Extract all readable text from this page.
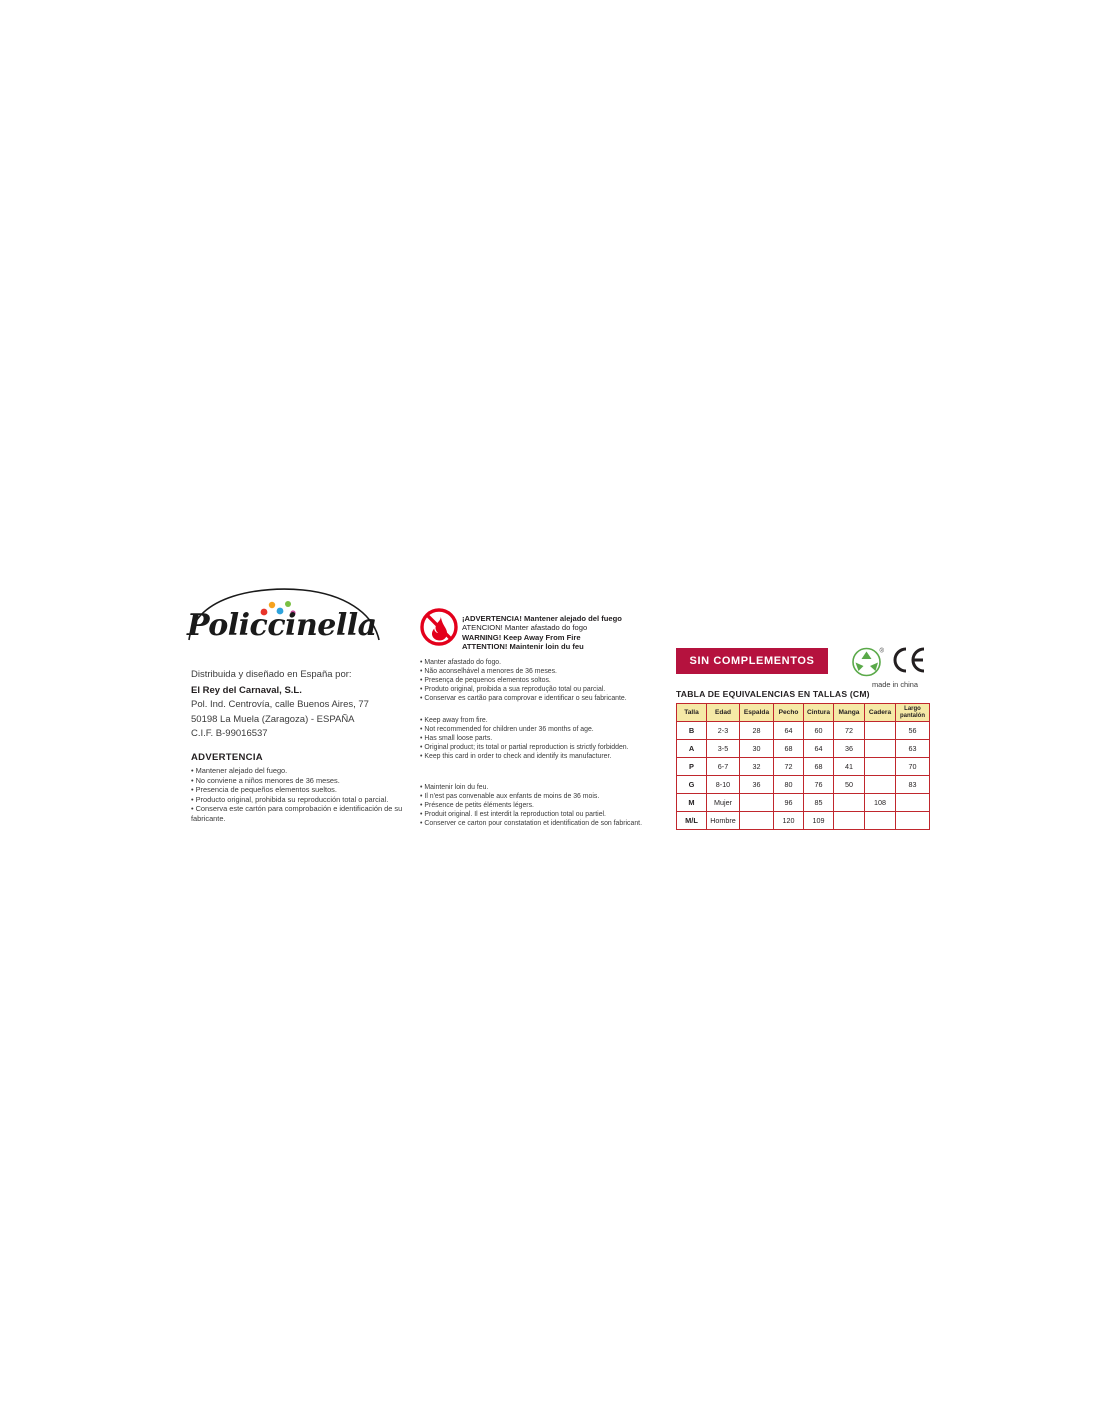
Policcinella
Distribuida y diseñado en España por:
El Rey del Carnaval, S.L.
Pol. Ind. Centrovía, calle Buenos Aires, 77
50198 La Muela (Zaragoza) - ESPAÑA
C.I.F. B-99016537
ADVERTENCIA
• Mantener alejado del fuego.
• No conviene a niños menores de 36 meses.
• Presencia de pequeños elementos sueltos.
• Producto original, prohibida su reproducción total o parcial.
• Conserva este cartón para comprobación e identificación de su fabricante.
¡ADVERTENCIA! Mantener alejado del fuego
ATENCION! Manter afastado do fogo
WARNING! Keep Away From Fire
ATTENTION! Maintenir loin du feu
• Manter afastado do fogo.
• Não aconselhável a menores de 36 meses.
• Presença de pequenos elementos soltos.
• Produto original, proibida a sua reprodução total ou parcial.
• Conservar es cartão para comprovar e identificar o seu fabricante.
• Keep away from fire.
• Not recommended for children under 36 months of age.
• Has small loose parts.
• Original product; its total or partial reproduction is strictly forbidden.
• Keep this card in order to check and identify its manufacturer.
• Maintenir loin du feu.
• Il n'est pas convenable aux enfants de moins de 36 mois.
• Présence de petits éléments légers.
• Produit original. Il est interdit la reproduction total ou partiel.
• Conserver ce carton pour constatation et identification de son fabricant.
SIN COMPLEMENTOS
®
made in china
TABLA DE EQUIVALENCIAS EN TALLAS (CM)
Talla	Edad	Espalda	Pecho	Cintura	Manga	Cadera	Largo
pantalón

B	2-3	28	64	60	72		56
A	3-5	30	68	64	36		63
P	6-7	32	72	68	41		70
G	8-10	36	80	76	50		83
M	Mujer		96	85		108	
M/L	Hombre		120	109			
